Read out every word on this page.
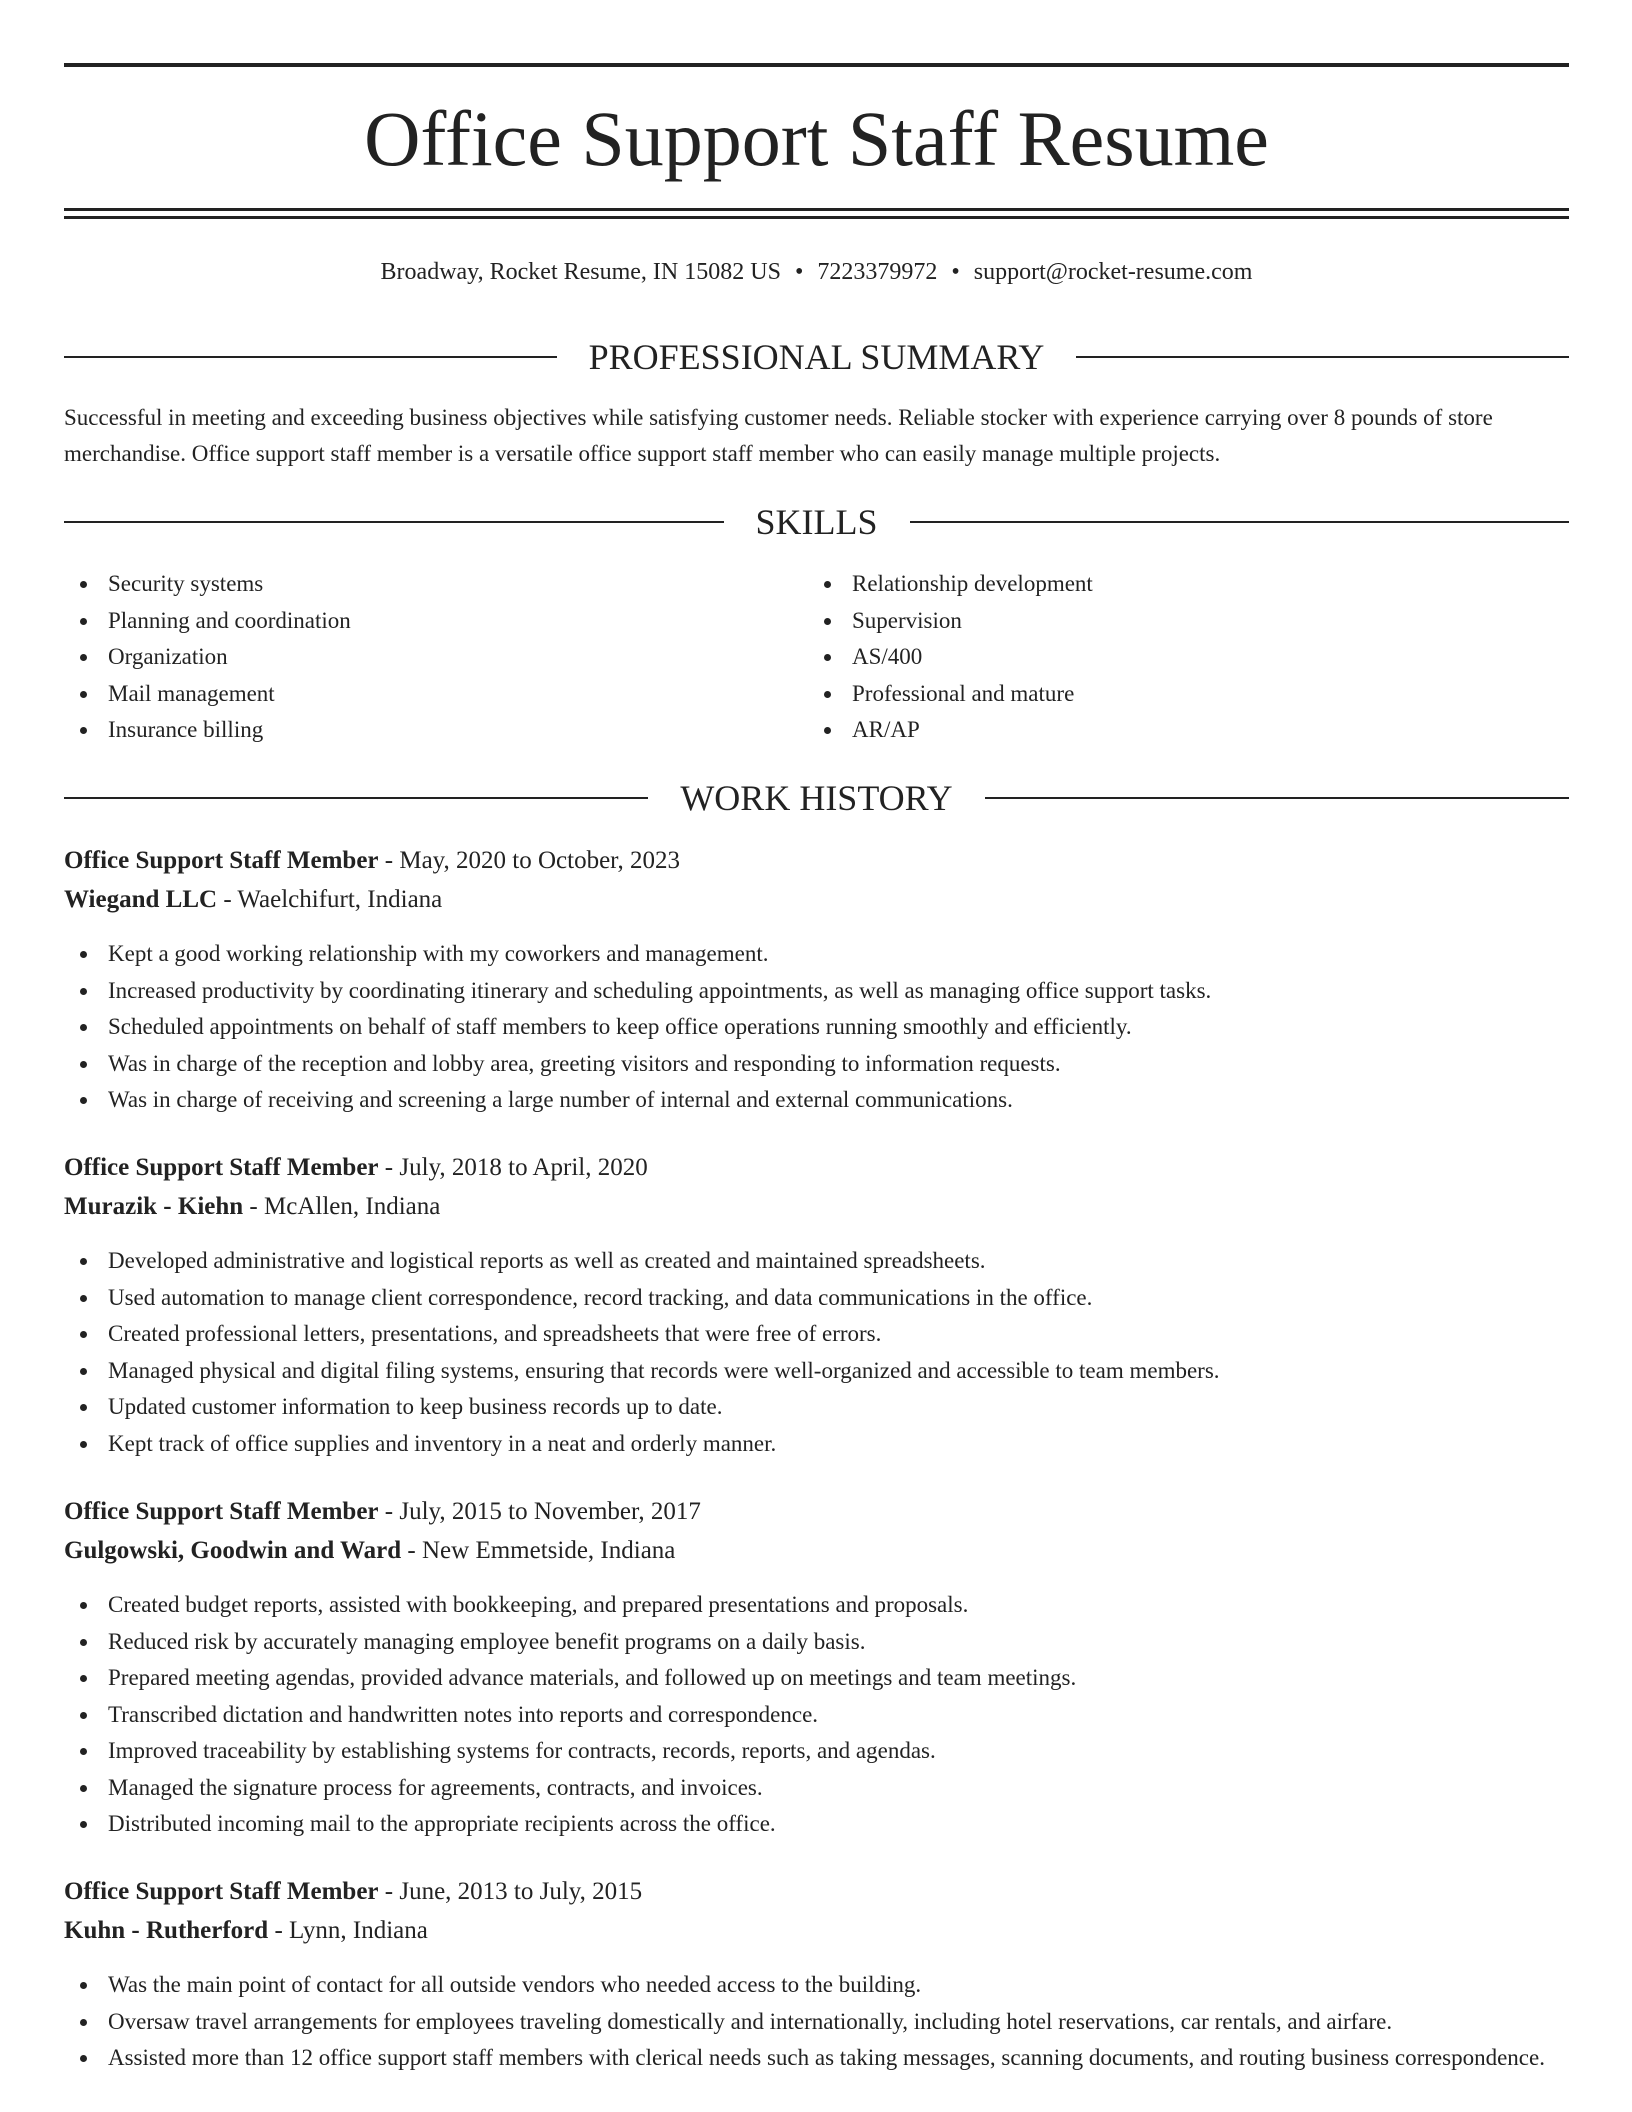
Office Support Staff Resume
Broadway, Rocket Resume, IN 15082 US • 7223379972 • support@rocket-resume.com
PROFESSIONAL SUMMARY

Successful in meeting and exceeding business objectives while satisfying customer needs. Reliable stocker with experience carrying over 8 pounds of store merchandise. Office support staff member is a versatile office support staff member who can easily manage multiple projects.

SKILLS
Security systems
Planning and coordination
Organization
Mail management
Insurance billing
Relationship development
Supervision
AS/400
Professional and mature
AR/AP
WORK HISTORY
Office Support Staff Member - May, 2020 to October, 2023
Wiegand LLC - Waelchifurt, Indiana
Kept a good working relationship with my coworkers and management.
Increased productivity by coordinating itinerary and scheduling appointments, as well as managing office support tasks.
Scheduled appointments on behalf of staff members to keep office operations running smoothly and efficiently.
Was in charge of the reception and lobby area, greeting visitors and responding to information requests.
Was in charge of receiving and screening a large number of internal and external communications.
Office Support Staff Member - July, 2018 to April, 2020
Murazik - Kiehn - McAllen, Indiana
Developed administrative and logistical reports as well as created and maintained spreadsheets.
Used automation to manage client correspondence, record tracking, and data communications in the office.
Created professional letters, presentations, and spreadsheets that were free of errors.
Managed physical and digital filing systems, ensuring that records were well-organized and accessible to team members.
Updated customer information to keep business records up to date.
Kept track of office supplies and inventory in a neat and orderly manner.
Office Support Staff Member - July, 2015 to November, 2017
Gulgowski, Goodwin and Ward - New Emmetside, Indiana
Created budget reports, assisted with bookkeeping, and prepared presentations and proposals.
Reduced risk by accurately managing employee benefit programs on a daily basis.
Prepared meeting agendas, provided advance materials, and followed up on meetings and team meetings.
Transcribed dictation and handwritten notes into reports and correspondence.
Improved traceability by establishing systems for contracts, records, reports, and agendas.
Managed the signature process for agreements, contracts, and invoices.
Distributed incoming mail to the appropriate recipients across the office.
Office Support Staff Member - June, 2013 to July, 2015
Kuhn - Rutherford - Lynn, Indiana
Was the main point of contact for all outside vendors who needed access to the building.
Oversaw travel arrangements for employees traveling domestically and internationally, including hotel reservations, car rentals, and airfare.
Assisted more than 12 office support staff members with clerical needs such as taking messages, scanning documents, and routing business correspondence.
